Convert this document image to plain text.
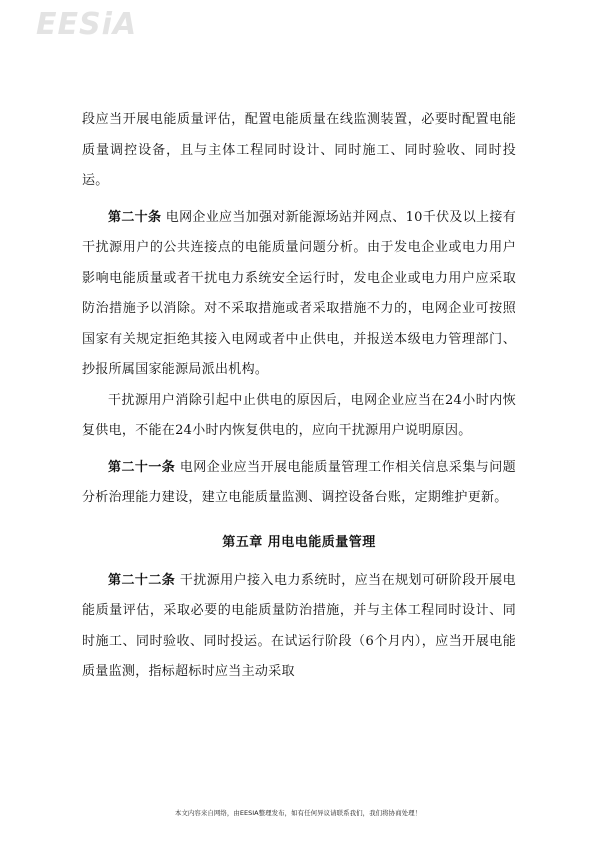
EESiA

段应当开展电能质量评估，配置电能质量在线监测装置，必要时配置电能质量调控设备，且与主体工程同时设计、同时施工、同时验收、同时投运。

第二十条 电网企业应当加强对新能源场站并网点、10千伏及以上接有干扰源用户的公共连接点的电能质量问题分析。由于发电企业或电力用户影响电能质量或者干扰电力系统安全运行时，发电企业或电力用户应采取防治措施予以消除。对不采取措施或者采取措施不力的，电网企业可按照国家有关规定拒绝其接入电网或者中止供电，并报送本级电力管理部门、抄报所属国家能源局派出机构。

干扰源用户消除引起中止供电的原因后，电网企业应当在24小时内恢复供电，不能在24小时内恢复供电的，应向干扰源用户说明原因。

第二十一条 电网企业应当开展电能质量管理工作相关信息采集与问题分析治理能力建设，建立电能质量监测、调控设备台账，定期维护更新。

第五章 用电电能质量管理

第二十二条 干扰源用户接入电力系统时，应当在规划可研阶段开展电能质量评估，采取必要的电能质量防治措施，并与主体工程同时设计、同时施工、同时验收、同时投运。在试运行阶段（6个月内），应当开展电能质量监测，指标超标时应当主动采取

本文内容来自网络，由EESIA整理发布，如有任何异议请联系我们，我们将协商处理！
